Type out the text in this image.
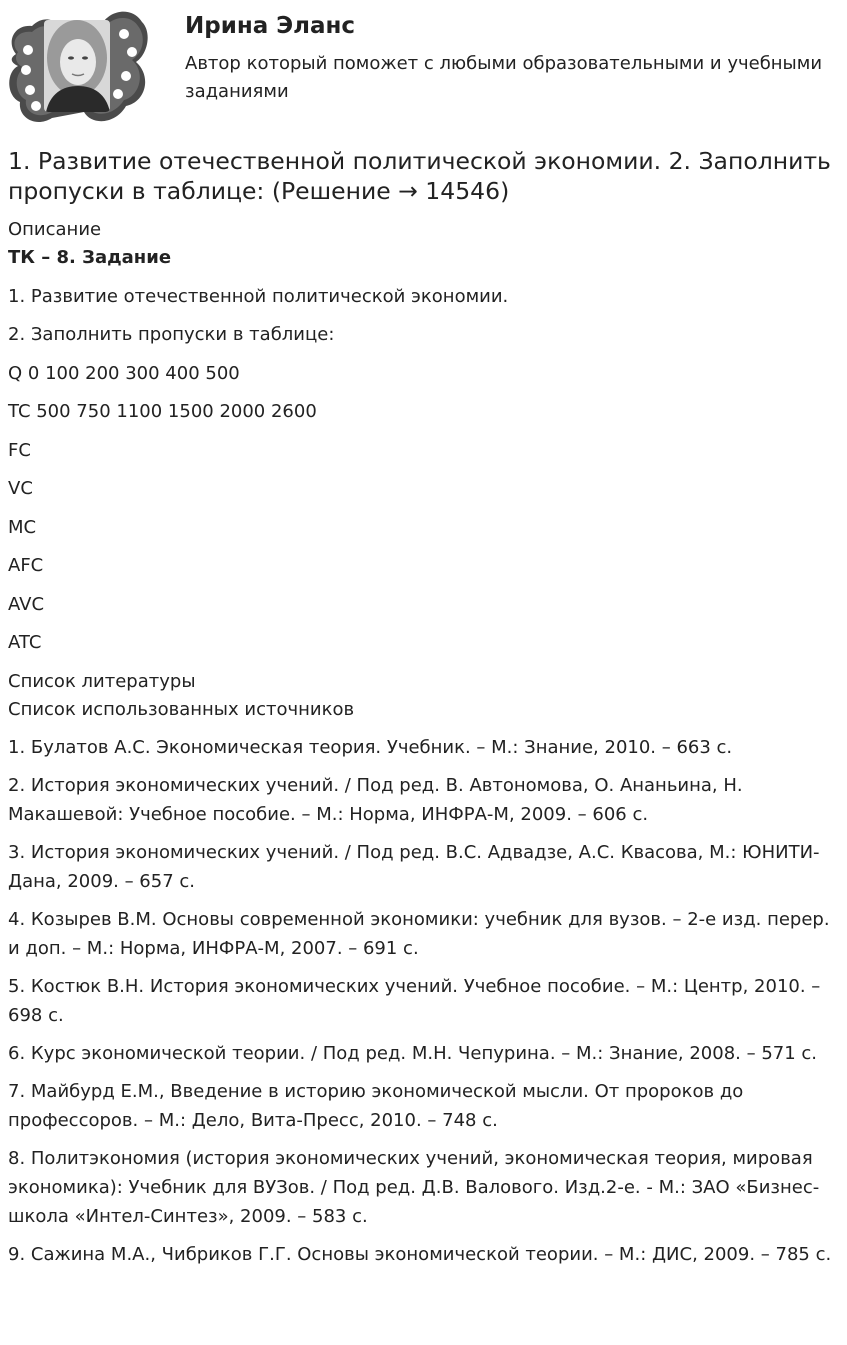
Ирина Эланс
Автор который поможет с любыми образовательными и учебными заданиями
1. Развитие отечественной политической экономии. 2. Заполнить пропуски в таблице: (Решение → 14546)
Описание
ТК – 8. Задание

1. Развитие отечественной политической экономии.

2. Заполнить пропуски в таблице:

Q 0 100 200 300 400 500

TC 500 750 1100 1500 2000 2600

FC

VC

MC

AFC

AVC

ATC

Список литературы
Список использованных источников

1. Булатов А.С. Экономическая теория. Учебник. – М.: Знание, 2010. – 663 с.

2. История экономических учений. / Под ред. В. Автономова, О. Ананьина, Н. Макашевой: Учебное пособие. – М.: Норма, ИНФРА-М, 2009. – 606 с.

3. История экономических учений. / Под ред. В.С. Адвадзе, А.С. Квасова, М.: ЮНИТИ-Дана, 2009. – 657 с.

4. Козырев В.М. Основы современной экономики: учебник для вузов. – 2-е изд. перер. и доп. – М.: Норма, ИНФРА-М, 2007. – 691 с.

5. Костюк В.Н. История экономических учений. Учебное пособие. – М.: Центр, 2010. – 698 с.

6. Курс экономической теории. / Под ред. М.Н. Чепурина. – М.: Знание, 2008. – 571 с.

7. Майбурд Е.М., Введение в историю экономической мысли. От пророков до профессоров. – М.: Дело, Вита-Пресс, 2010. – 748 с.

8. Политэкономия (история экономических учений, экономическая теория, мировая экономика): Учебник для ВУЗов. / Под ред. Д.В. Валового. Изд.2-е. - М.: ЗАО «Бизнес-школа «Интел-Синтез», 2009. – 583 с.

9. Сажина М.А., Чибриков Г.Г. Основы экономической теории. – М.: ДИС, 2009. – 785 с.
